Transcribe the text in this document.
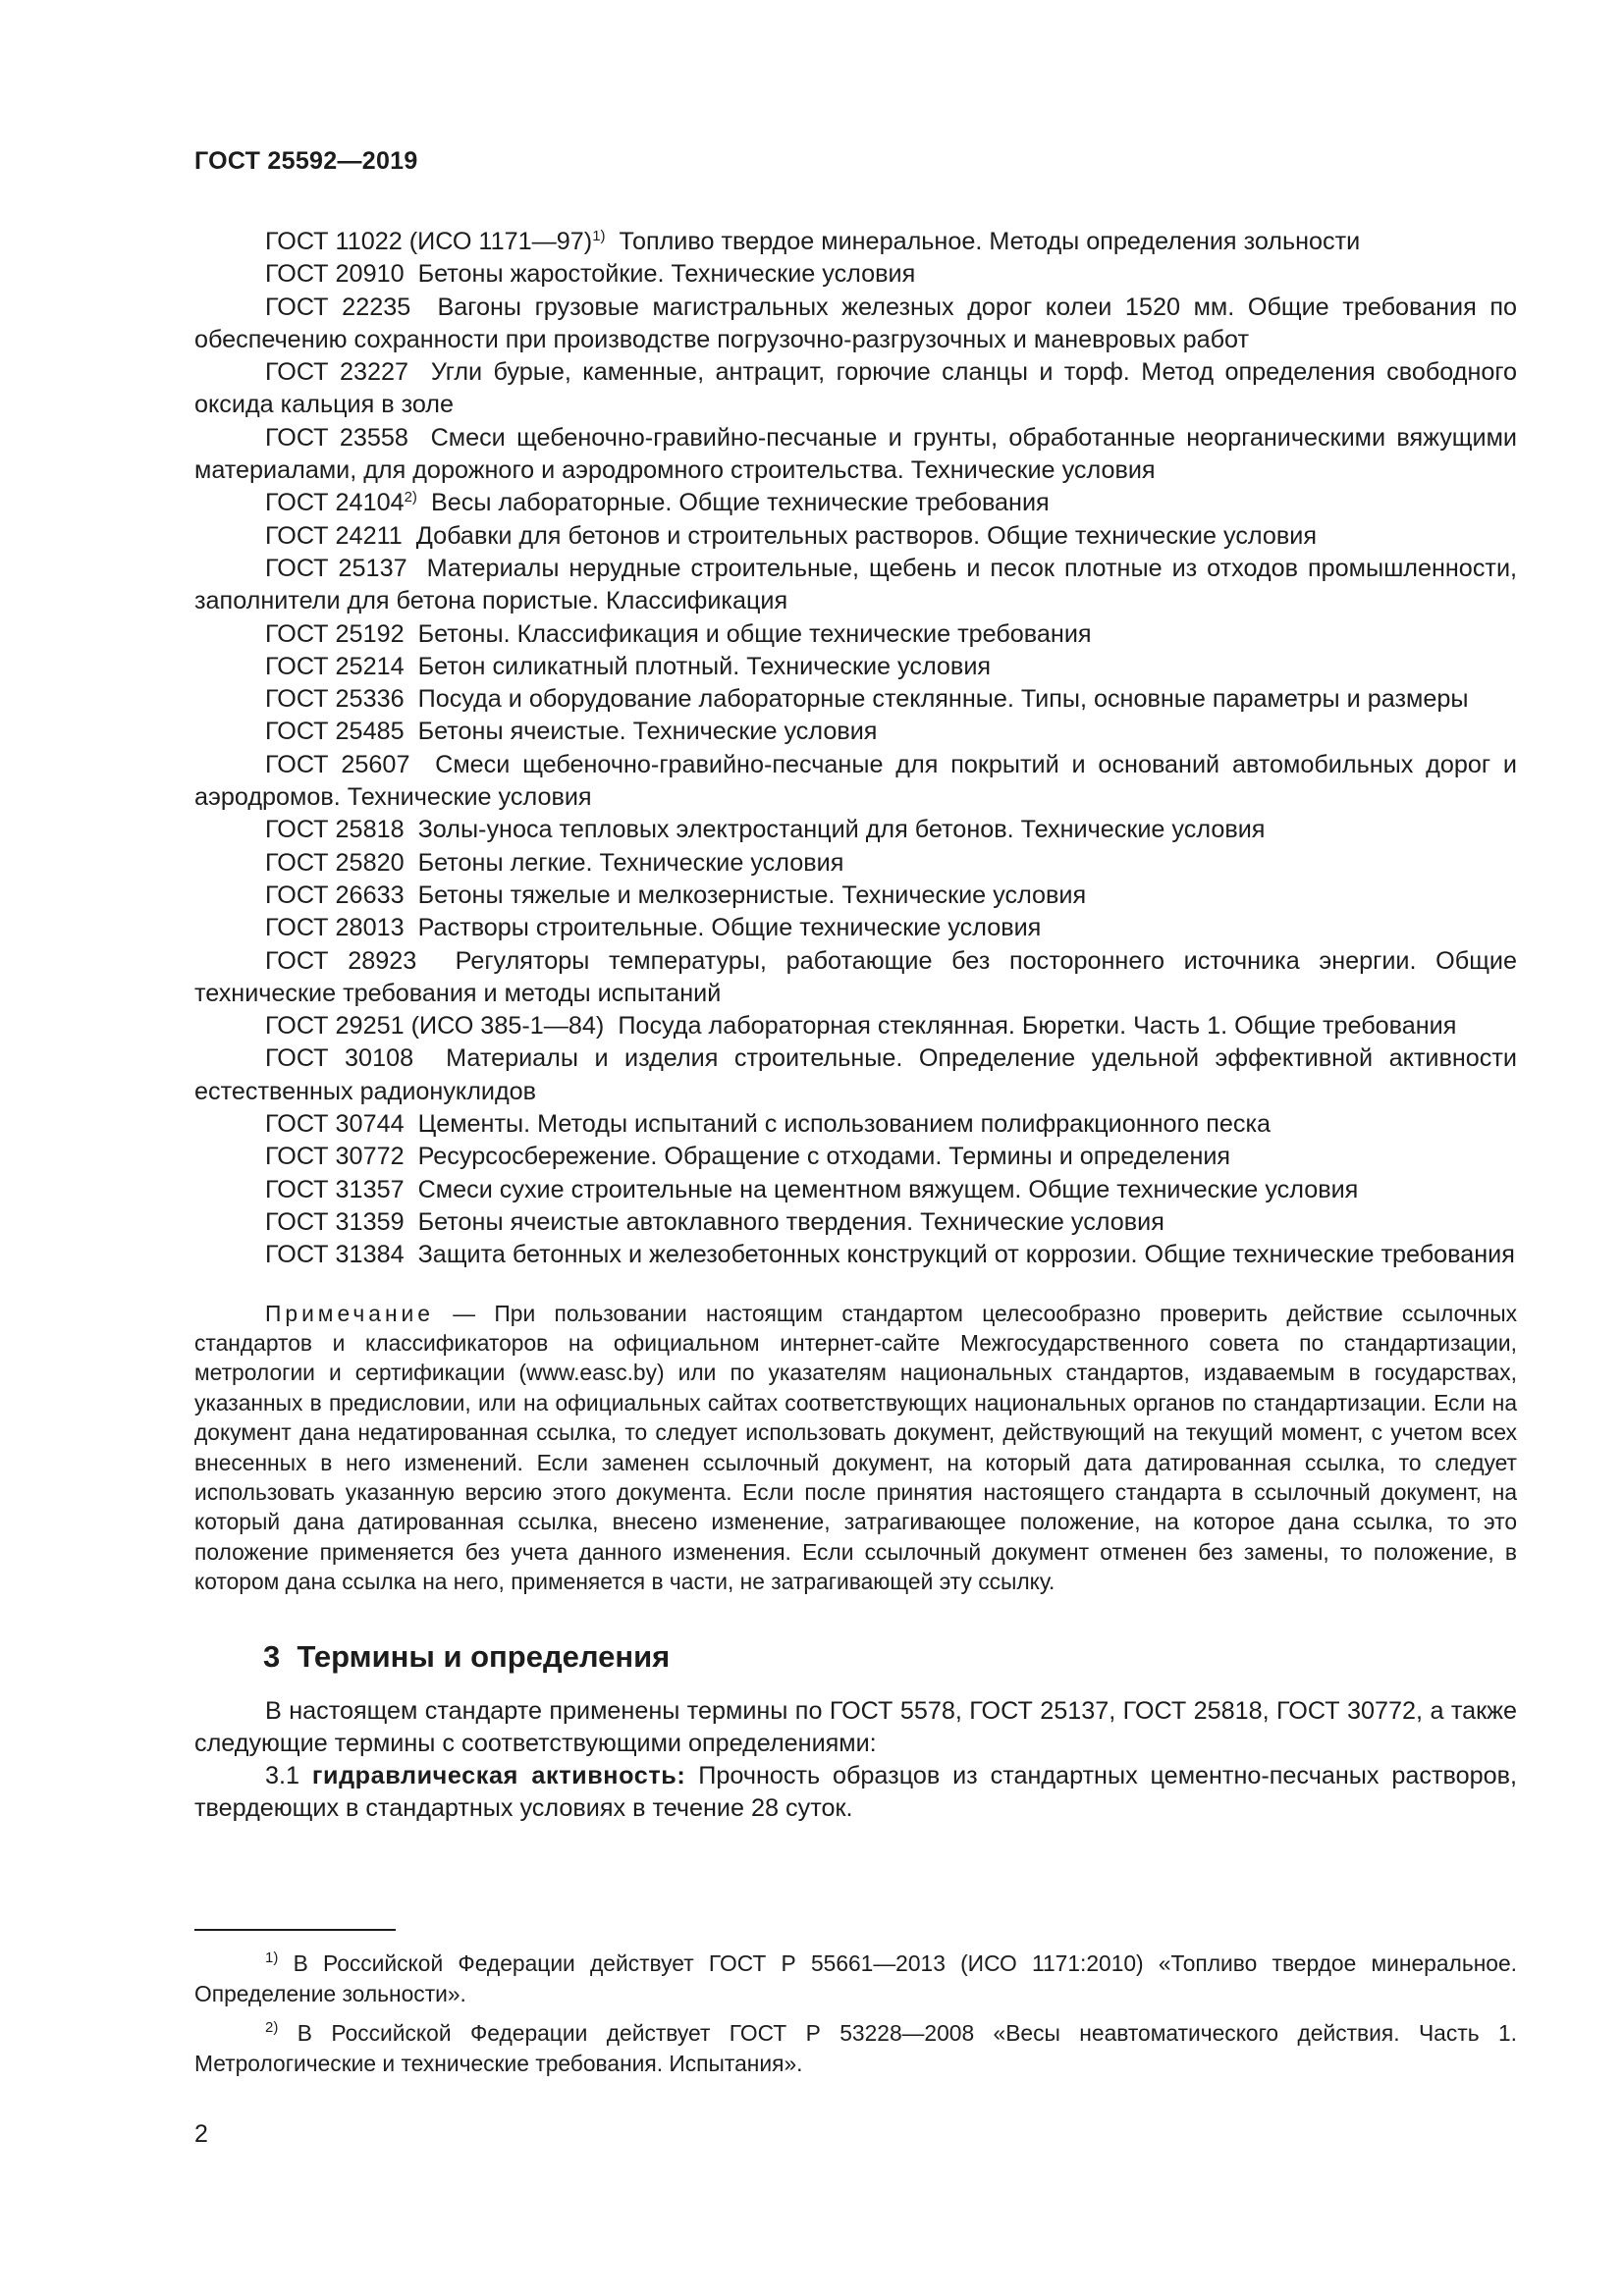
ГОСТ 25592—2019

ГОСТ 11022 (ИСО 1171—97)$^{1)}$ Топливо твердое минеральное. Методы определения зольности

ГОСТ 20910 Бетоны жаростойкие. Технические условия

ГОСТ 22235 Вагоны грузовые магистральных железных дорог колеи 1520 мм. Общие требования по обеспечению сохранности при производстве погрузочно-разгрузочных и маневровых работ

ГОСТ 23227 Угли бурые, каменные, антрацит, горючие сланцы и торф. Метод определения свободного оксида кальция в золе

ГОСТ 23558 Смеси щебеночно-гравийно-песчаные и грунты, обработанные неорганическими вяжущими материалами, для дорожного и аэродромного строительства. Технические условия

ГОСТ 24104$^{2)}$ Весы лабораторные. Общие технические требования

ГОСТ 24211 Добавки для бетонов и строительных растворов. Общие технические условия

ГОСТ 25137 Материалы нерудные строительные, щебень и песок плотные из отходов промышленности, заполнители для бетона пористые. Классификация

ГОСТ 25192 Бетоны. Классификация и общие технические требования

ГОСТ 25214 Бетон силикатный плотный. Технические условия

ГОСТ 25336 Посуда и оборудование лабораторные стеклянные. Типы, основные параметры и размеры

ГОСТ 25485 Бетоны ячеистые. Технические условия

ГОСТ 25607 Смеси щебеночно-гравийно-песчаные для покрытий и оснований автомобильных дорог и аэродромов. Технические условия

ГОСТ 25818 Золы-уноса тепловых электростанций для бетонов. Технические условия

ГОСТ 25820 Бетоны легкие. Технические условия

ГОСТ 26633 Бетоны тяжелые и мелкозернистые. Технические условия

ГОСТ 28013 Растворы строительные. Общие технические условия

ГОСТ 28923 Регуляторы температуры, работающие без постороннего источника энергии. Общие технические требования и методы испытаний

ГОСТ 29251 (ИСО 385-1—84) Посуда лабораторная стеклянная. Бюретки. Часть 1. Общие требования

ГОСТ 30108 Материалы и изделия строительные. Определение удельной эффективной активности естественных радионуклидов

ГОСТ 30744 Цементы. Методы испытаний с использованием полифракционного песка

ГОСТ 30772 Ресурсосбережение. Обращение с отходами. Термины и определения

ГОСТ 31357 Смеси сухие строительные на цементном вяжущем. Общие технические условия

ГОСТ 31359 Бетоны ячеистые автоклавного твердения. Технические условия

ГОСТ 31384 Защита бетонных и железобетонных конструкций от коррозии. Общие технические требования

Примечание — При пользовании настоящим стандартом целесообразно проверить действие ссылочных стандартов и классификаторов на официальном интернет-сайте Межгосударственного совета по стандартизации, метрологии и сертификации (www.easc.by) или по указателям национальных стандартов, издаваемым в государствах, указанных в предисловии, или на официальных сайтах соответствующих национальных органов по стандартизации. Если на документ дана недатированная ссылка, то следует использовать документ, действующий на текущий момент, с учетом всех внесенных в него изменений. Если заменен ссылочный документ, на который дата датированная ссылка, то следует использовать указанную версию этого документа. Если после принятия настоящего стандарта в ссылочный документ, на который дана датированная ссылка, внесено изменение, затрагивающее положение, на которое дана ссылка, то это положение применяется без учета данного изменения. Если ссылочный документ отменен без замены, то положение, в котором дана ссылка на него, применяется в части, не затрагивающей эту ссылку.

3 Термины и определения

В настоящем стандарте применены термины по ГОСТ 5578, ГОСТ 25137, ГОСТ 25818, ГОСТ 30772, а также следующие термины с соответствующими определениями:

3.1 гидравлическая активность: Прочность образцов из стандартных цементно-песчаных растворов, твердеющих в стандартных условиях в течение 28 суток.

$^{1)}$ В Российской Федерации действует ГОСТ Р 55661—2013 (ИСО 1171:2010) «Топливо твердое минеральное. Определение зольности».

$^{2)}$ В Российской Федерации действует ГОСТ Р 53228—2008 «Весы неавтоматического действия. Часть 1. Метрологические и технические требования. Испытания».

2
